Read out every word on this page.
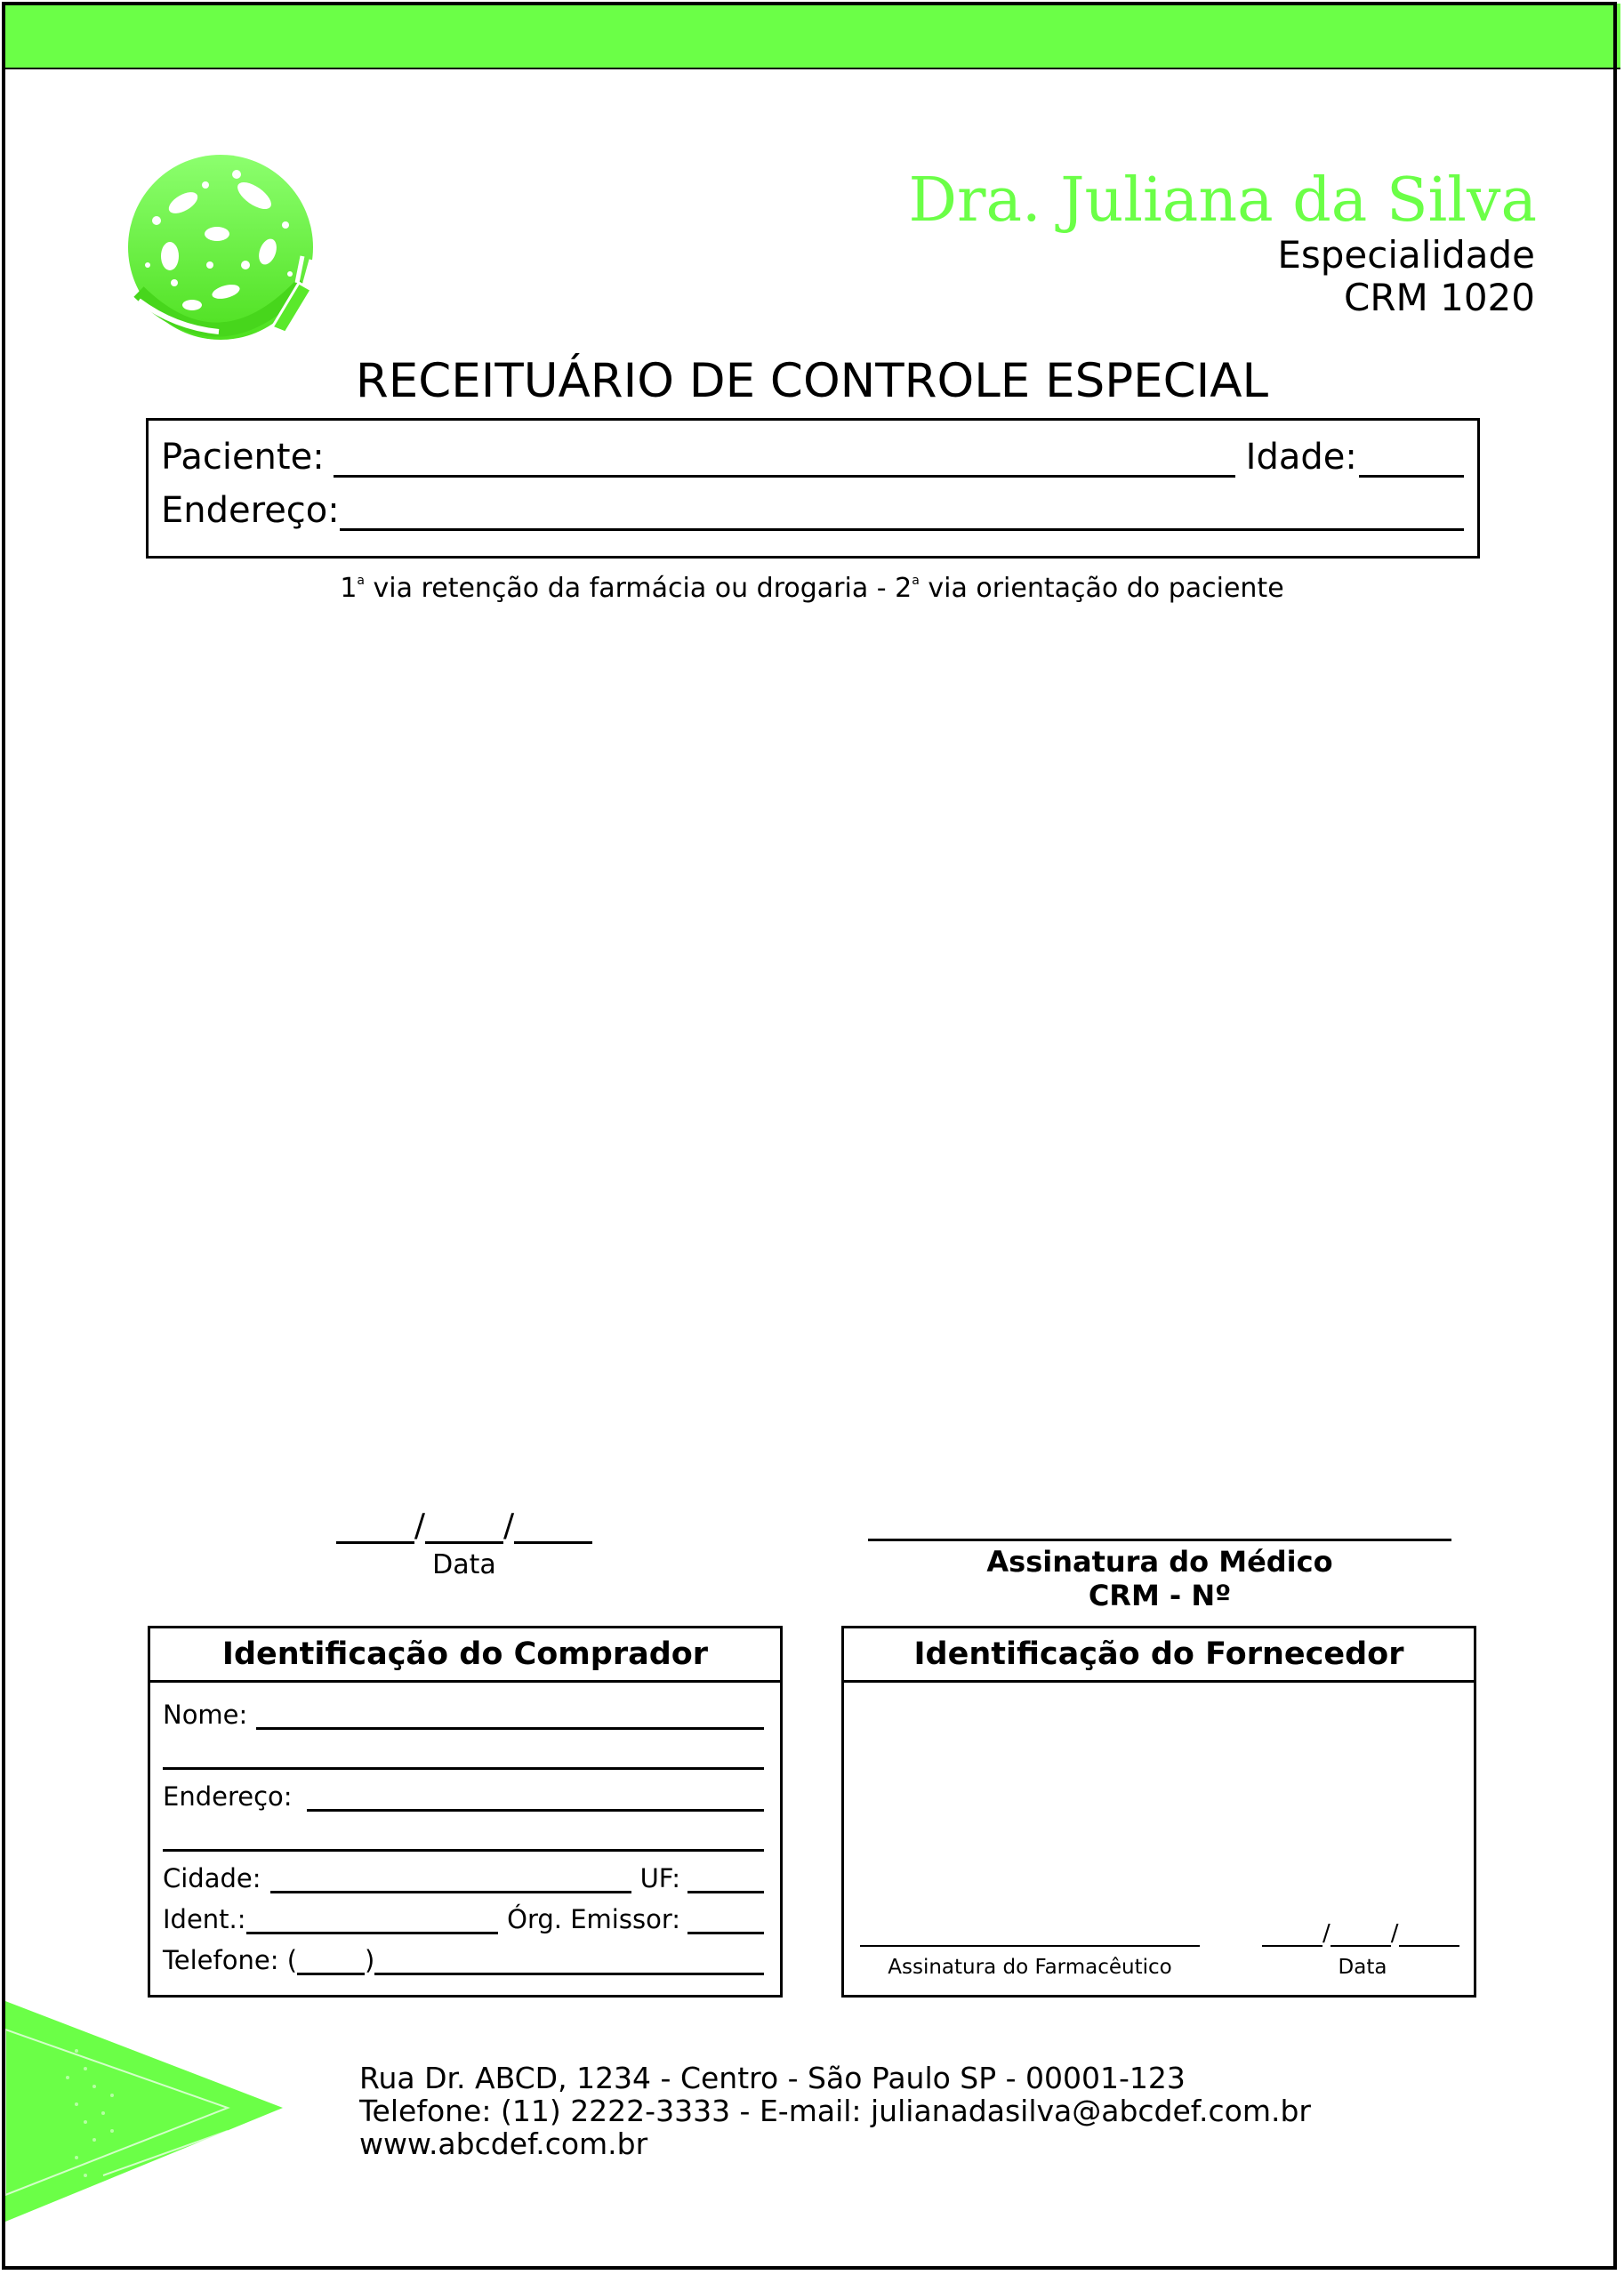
Dra. Juliana da Silva
Especialidade
CRM 1020
RECEITUÁRIO DE CONTROLE ESPECIAL
Paciente:	Idade:
Endereço:
1$^a$ via retenção da farmácia ou drogaria - 2$^a$ via orientação do paciente
/ /
Data	Assinatura do Médico
CRM - Nº
Identificação do Comprador
Nome:
Endereço:
Cidade:	UF:
Ident.:	Órg. Emissor:
Telefone: (	)
Identificação do Fornecedor
Assinatura do Farmacêutico
/	/
Data
Rua Dr. ABCD, 1234 - Centro - São Paulo SP - 00001-123
Telefone: (11) 2222-3333 - E-mail: julianadasilva@abcdef.com.br
www.abcdef.com.br
